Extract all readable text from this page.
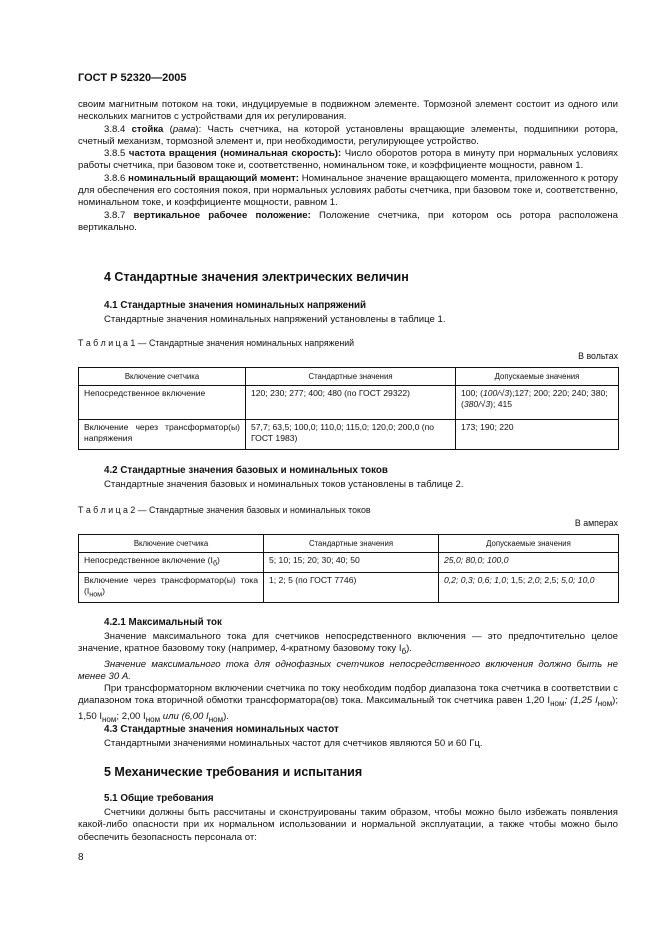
ГОСТ Р 52320—2005

своим магнитным потоком на токи, индуцируемые в подвижном элементе. Тормозной элемент состоит из одного или нескольких магнитов с устройствами для их регулирования.

3.8.4 стойка (рама): Часть счетчика, на которой установлены вращающие элементы, подшипники ротора, счетный механизм, тормозной элемент и, при необходимости, регулирующее устройство.

3.8.5 частота вращения (номинальная скорость): Число оборотов ротора в минуту при нормальных условиях работы счетчика, при базовом токе и, соответственно, номинальном токе, и коэффициенте мощности, равном 1.

3.8.6 номинальный вращающий момент: Номинальное значение вращающего момента, приложенного к ротору для обеспечения его состояния покоя, при нормальных условиях работы счетчика, при базовом токе и, соответственно, номинальном токе, и коэффициенте мощности, равном 1.

3.8.7 вертикальное рабочее положение: Положение счетчика, при котором ось ротора расположена вертикально.

4 Стандартные значения электрических величин
4.1 Стандартные значения номинальных напряжений
Стандартные значения номинальных напряжений установлены в таблице 1.
Т а б л и ц а 1 — Стандартные значения номинальных напряжений
В вольтах
Включение счетчика	Стандартные значения	Допускаемые значения
Непосредственное включение	120; 230; 277; 400; 480 (по ГОСТ 29322)	100; (100/√3);127; 200; 220; 240; 380; (380/√3); 415
Включение через трансформатор(ы) напряжения	57,7; 63,5; 100,0; 110,0; 115,0; 120,0; 200,0 (по ГОСТ 1983)	173; 190; 220
4.2 Стандартные значения базовых и номинальных токов
Стандартные значения базовых и номинальных токов установлены в таблице 2.
Т а б л и ц а 2 — Стандартные значения базовых и номинальных токов
В амперах
Включение счетчика	Стандартные значения	Допускаемые значения
Непосредственное включение $(I_б)$	5; 10; 15; 20; 30; 40; 50	25,0; 80,0; 100,0
Включение через трансформатор(ы) тока $(I_{ном})$	1; 2; 5 (по ГОСТ 7746)	0,2; 0,3; 0,6; 1,0; 1,5; 2,0; 2,5; 5,0; 10,0
4.2.1 Максимальный ток

Значение максимального тока для счетчиков непосредственного включения — это предпочтительно целое значение, кратное базовому току (например, 4-кратному базовому току $I_б$).

Значение максимального тока для однофазных счетчиков непосредственного включения должно быть не менее 30 А.

При трансформаторном включении счетчика по току необходим подбор диапазона тока счетчика в соответствии с диапазоном тока вторичной обмотки трансформатора(ов) тока. Максимальный ток счетчика равен 1,20 $I_{ном}$; (1,25 $I_{ном}$); 1,50 $I_{ном}$; 2,00 $I_{ном}$ или (6,00 $I_{ном}$).

4.3 Стандартные значения номинальных частот
Стандартными значениями номинальных частот для счетчиков являются 50 и 60 Гц.
5 Механические требования и испытания
5.1 Общие требования

Счетчики должны быть рассчитаны и сконструированы таким образом, чтобы можно было избежать появления какой-либо опасности при их нормальном использовании и нормальной эксплуатации, а также чтобы можно было обеспечить безопасность персонала от:

8
